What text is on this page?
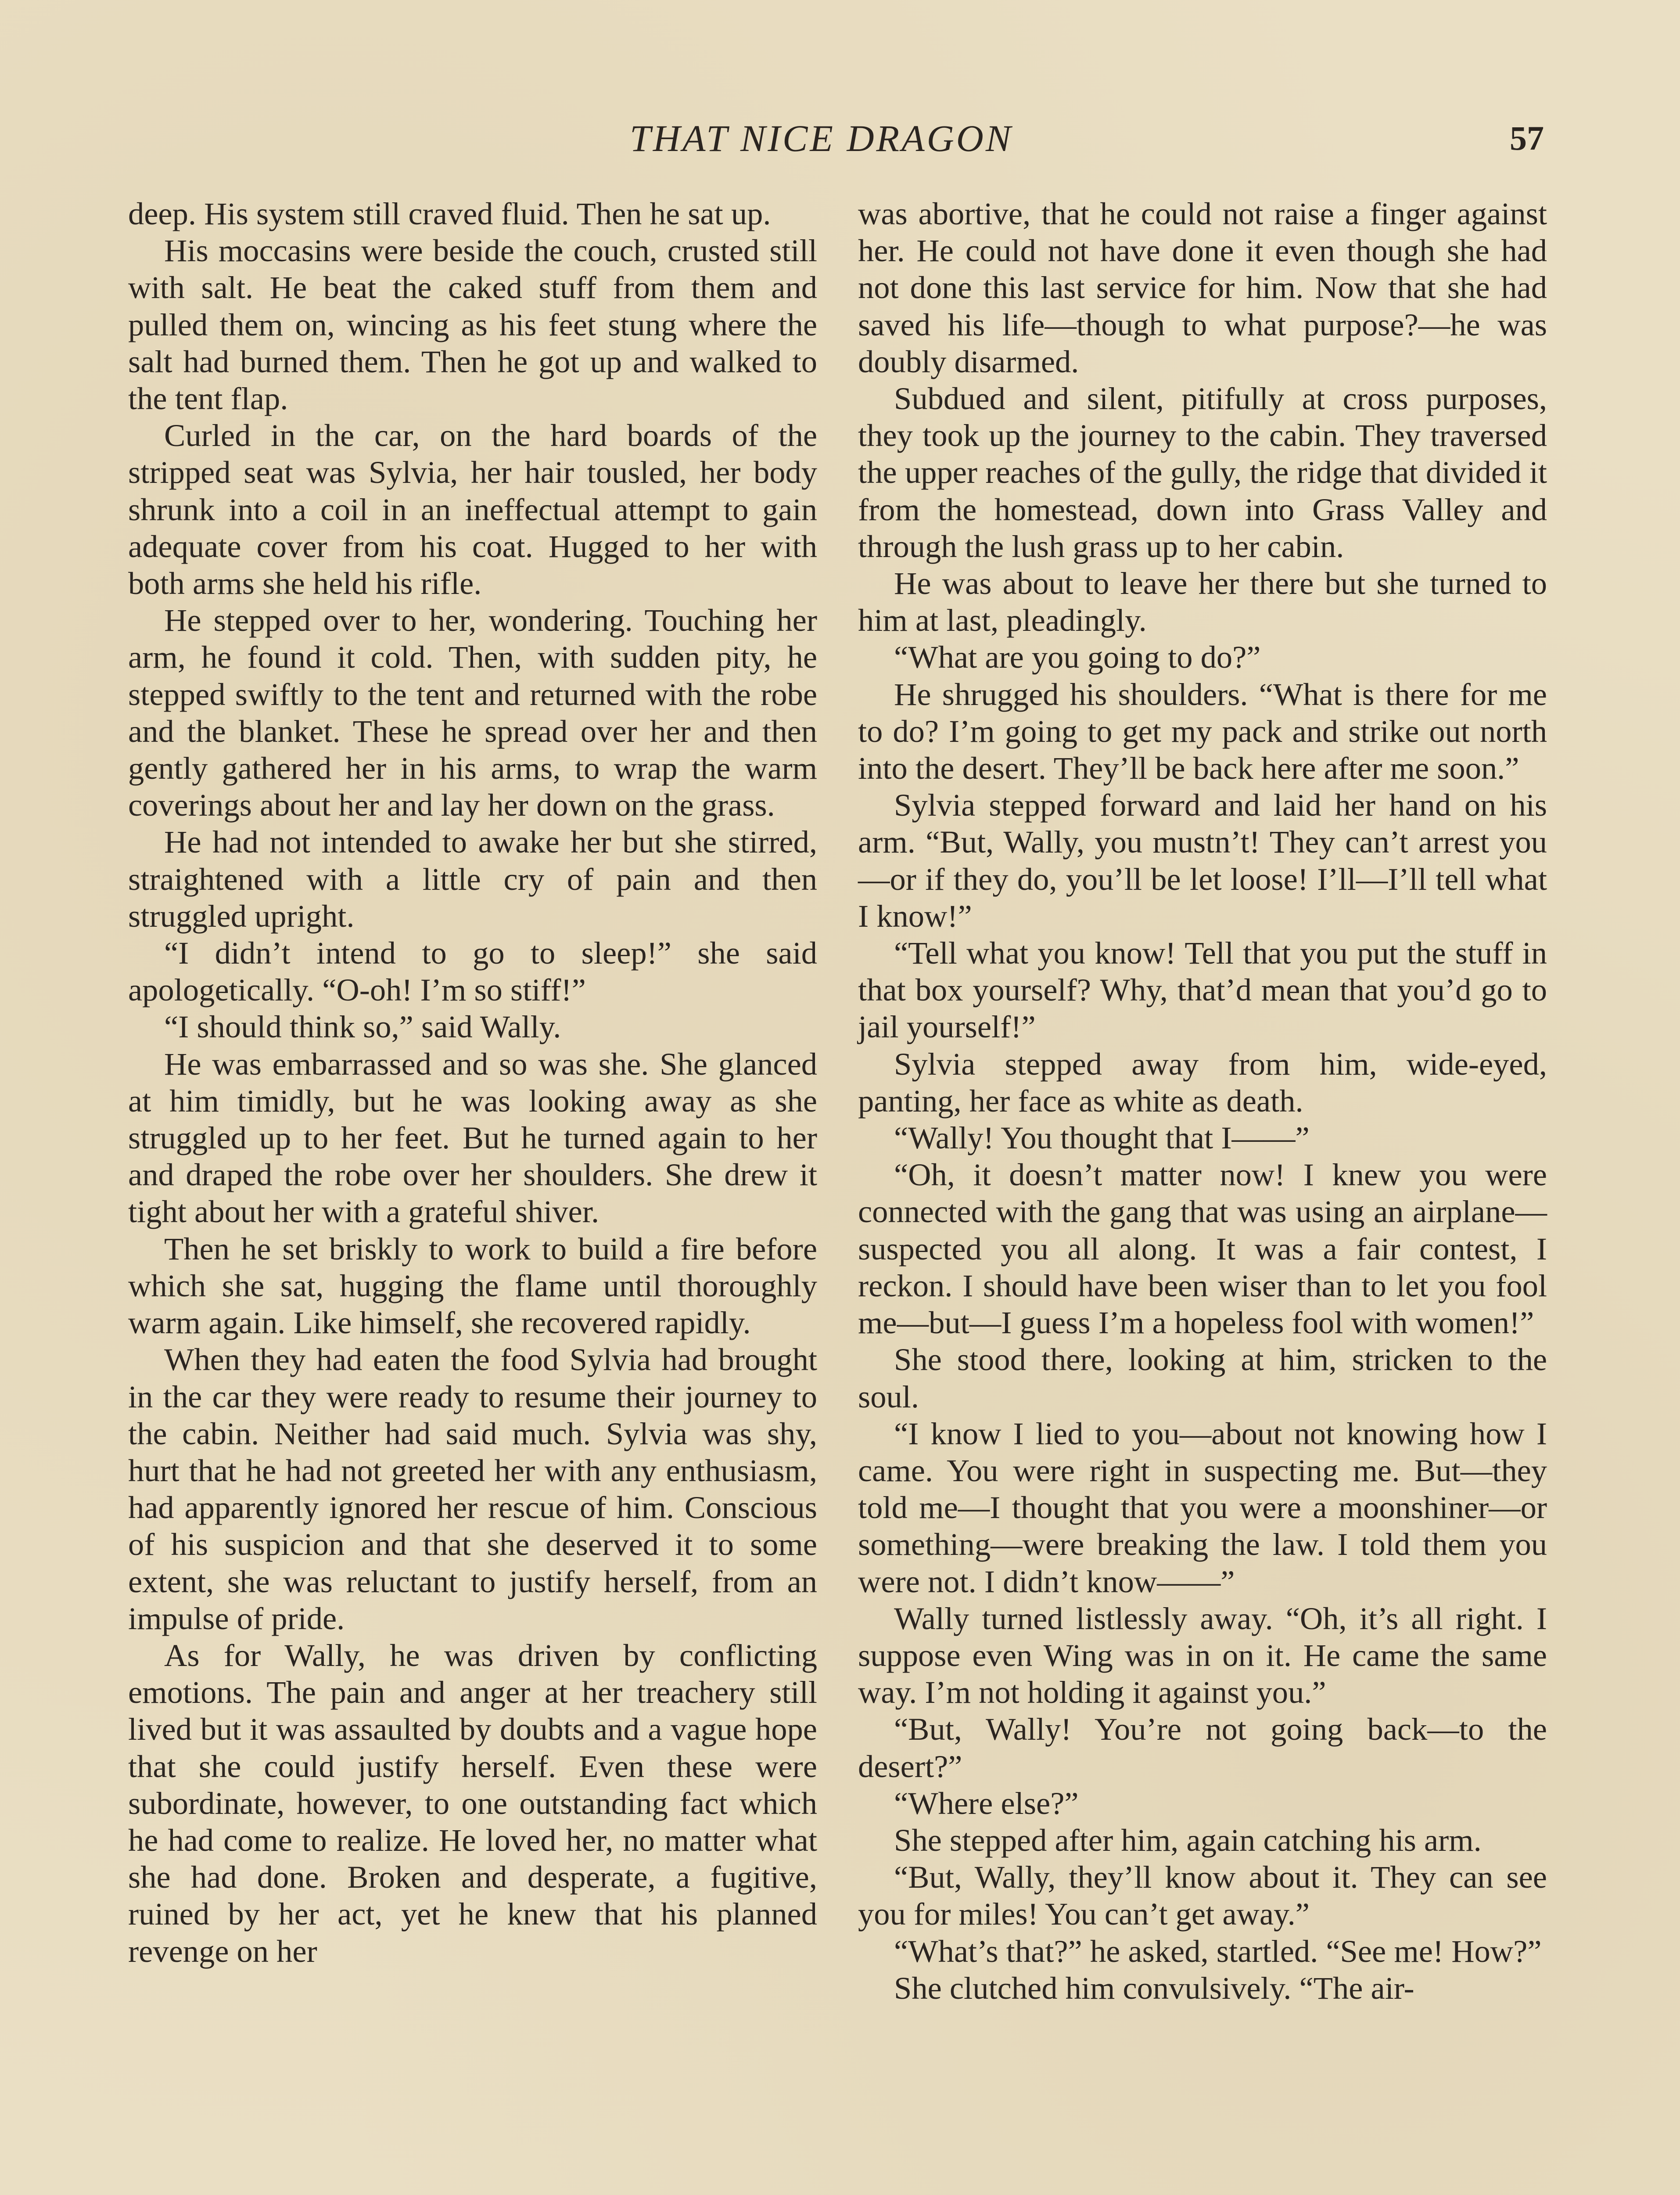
THAT NICE DRAGON	57

deep. His system still craved fluid. Then he sat up.

His moccasins were beside the couch, crusted still with salt. He beat the caked stuff from them and pulled them on, wincing as his feet stung where the salt had burned them. Then he got up and walked to the tent flap.

Curled in the car, on the hard boards of the stripped seat was Sylvia, her hair tousled, her body shrunk into a coil in an ineffectual attempt to gain adequate cover from his coat. Hugged to her with both arms she held his rifle.

He stepped over to her, wondering. Touching her arm, he found it cold. Then, with sudden pity, he stepped swiftly to the tent and returned with the robe and the blanket. These he spread over her and then gently gathered her in his arms, to wrap the warm coverings about her and lay her down on the grass.

He had not intended to awake her but she stirred, straightened with a little cry of pain and then struggled upright.

“I didn’t intend to go to sleep!” she said apologetically. “O-oh! I’m so stiff!”

“I should think so,” said Wally.

He was embarrassed and so was she. She glanced at him timidly, but he was looking away as she struggled up to her feet. But he turned again to her and draped the robe over her shoulders. She drew it tight about her with a grateful shiver.

Then he set briskly to work to build a fire before which she sat, hugging the flame until thoroughly warm again. Like himself, she recovered rapidly.

When they had eaten the food Sylvia had brought in the car they were ready to resume their journey to the cabin. Neither had said much. Sylvia was shy, hurt that he had not greeted her with any enthusiasm, had apparently ignored her rescue of him. Conscious of his suspicion and that she deserved it to some extent, she was reluctant to justify herself, from an impulse of pride.

As for Wally, he was driven by conflicting emotions. The pain and anger at her treachery still lived but it was assaulted by doubts and a vague hope that she could justify herself. Even these were subordinate, however, to one outstanding fact which he had come to realize. He loved her, no matter what she had done. Broken and desperate, a fugitive, ruined by her act, yet he knew that his planned revenge on her

was abortive, that he could not raise a finger against her. He could not have done it even though she had not done this last service for him. Now that she had saved his life—though to what purpose?—he was doubly disarmed.

Subdued and silent, pitifully at cross purposes, they took up the journey to the cabin. They traversed the upper reaches of the gully, the ridge that divided it from the homestead, down into Grass Valley and through the lush grass up to her cabin.

He was about to leave her there but she turned to him at last, pleadingly.

“What are you going to do?”

He shrugged his shoulders. “What is there for me to do? I’m going to get my pack and strike out north into the desert. They’ll be back here after me soon.”

Sylvia stepped forward and laid her hand on his arm. “But, Wally, you mustn’t! They can’t arrest you—or if they do, you’ll be let loose! I’ll—I’ll tell what I know!”

“Tell what you know! Tell that you put the stuff in that box yourself? Why, that’d mean that you’d go to jail yourself!”

Sylvia stepped away from him, wide-eyed, panting, her face as white as death.

“Wally! You thought that I——”

“Oh, it doesn’t matter now! I knew you were connected with the gang that was using an airplane—suspected you all along. It was a fair contest, I reckon. I should have been wiser than to let you fool me—but—I guess I’m a hopeless fool with women!”

She stood there, looking at him, stricken to the soul.

“I know I lied to you—about not knowing how I came. You were right in suspecting me. But—they told me—I thought that you were a moonshiner—or something—were breaking the law. I told them you were not. I didn’t know——”

Wally turned listlessly away. “Oh, it’s all right. I suppose even Wing was in on it. He came the same way. I’m not holding it against you.”

“But, Wally! You’re not going back—to the desert?”

“Where else?”

She stepped after him, again catching his arm.

“But, Wally, they’ll know about it. They can see you for miles! You can’t get away.”

“What’s that?” he asked, startled. “See me! How?”

She clutched him convulsively. “The air-
